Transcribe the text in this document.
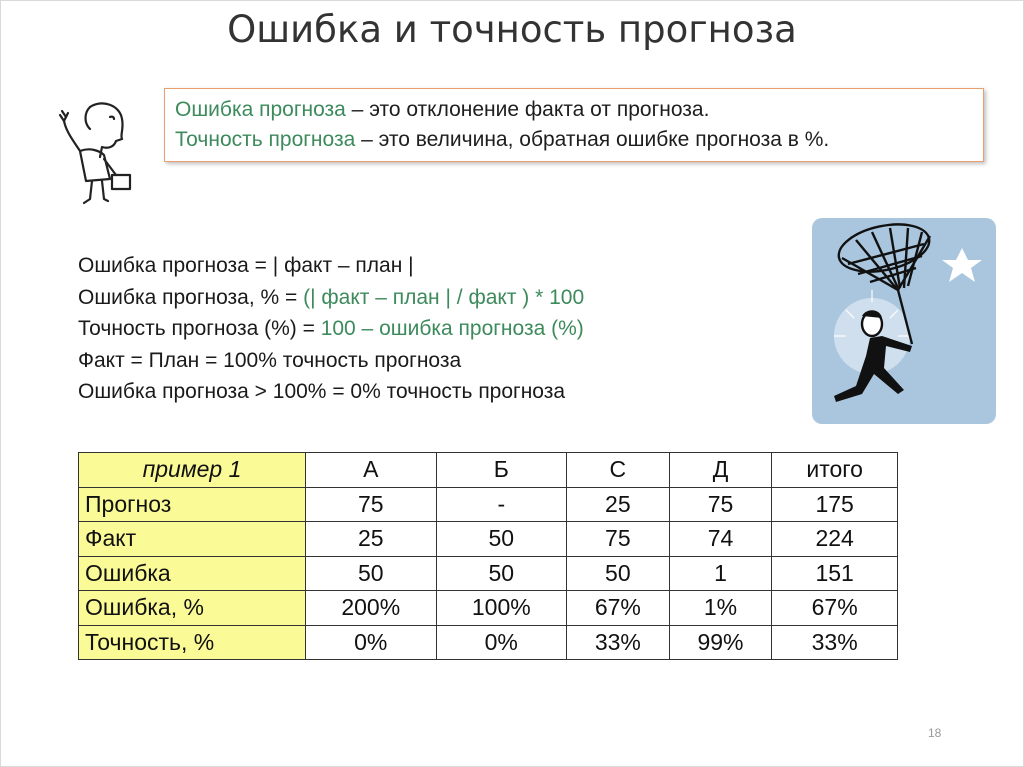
Ошибка и точность прогноза
Ошибка прогноза – это отклонение факта от прогноза.
Точность прогноза – это величина, обратная ошибке прогноза в %.
Ошибка прогноза = | факт – план |
Ошибка прогноза, % = (| факт – план | / факт ) * 100
Точность прогноза (%) = 100 – ошибка прогноза (%)
Факт = План = 100% точность прогноза
Ошибка прогноза > 100% = 0% точность прогноза
пример 1	А	Б	С	Д	итого
Прогноз	75	-	25	75	175
Факт	25	50	75	74	224
Ошибка	50	50	50	1	151
Ошибка, %	200%	100%	67%	1%	67%
Точность, %	0%	0%	33%	99%	33%
18
